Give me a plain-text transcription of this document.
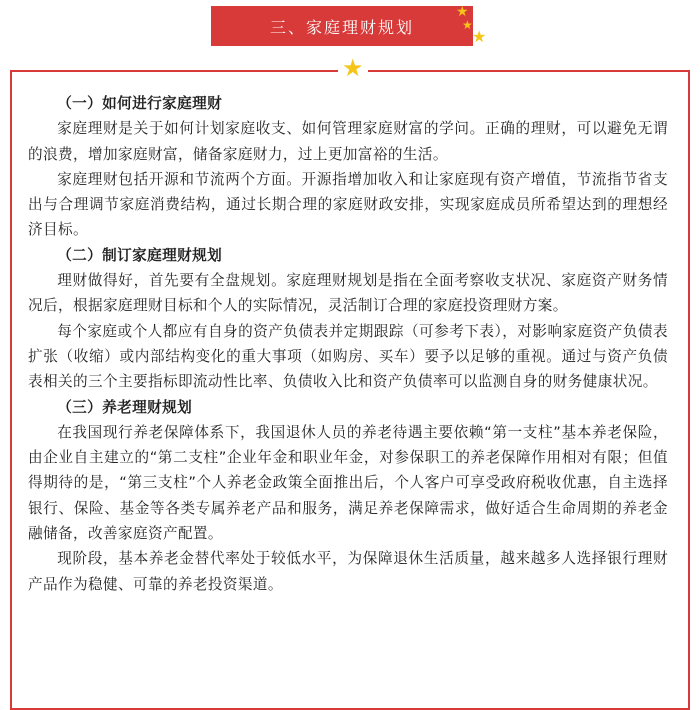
三、家庭理财规划
★
★
★
★
（一）如何进行家庭理财

家庭理财是关于如何计划家庭收支、如何管理家庭财富的学问。正确的理财，可以避免无谓的浪费，增加家庭财富，储备家庭财力，过上更加富裕的生活。

家庭理财包括开源和节流两个方面。开源指增加收入和让家庭现有资产增值，节流指节省支出与合理调节家庭消费结构，通过长期合理的家庭财政安排，实现家庭成员所希望达到的理想经济目标。

（二）制订家庭理财规划

理财做得好，首先要有全盘规划。家庭理财规划是指在全面考察收支状况、家庭资产财务情况后，根据家庭理财目标和个人的实际情况，灵活制订合理的家庭投资理财方案。

每个家庭或个人都应有自身的资产负债表并定期跟踪（可参考下表），对影响家庭资产负债表扩张（收缩）或内部结构变化的重大事项（如购房、买车）要予以足够的重视。通过与资产负债表相关的三个主要指标即流动性比率、负债收入比和资产负债率可以监测自身的财务健康状况。

（三）养老理财规划

在我国现行养老保障体系下，我国退休人员的养老待遇主要依赖“第一支柱”基本养老保险，由企业自主建立的“第二支柱”企业年金和职业年金，对参保职工的养老保障作用相对有限；但值得期待的是，“第三支柱”个人养老金政策全面推出后，个人客户可享受政府税收优惠，自主选择银行、保险、基金等各类专属养老产品和服务，满足养老保障需求，做好适合生命周期的养老金融储备，改善家庭资产配置。

现阶段，基本养老金替代率处于较低水平，为保障退休生活质量，越来越多人选择银行理财产品作为稳健、可靠的养老投资渠道。
